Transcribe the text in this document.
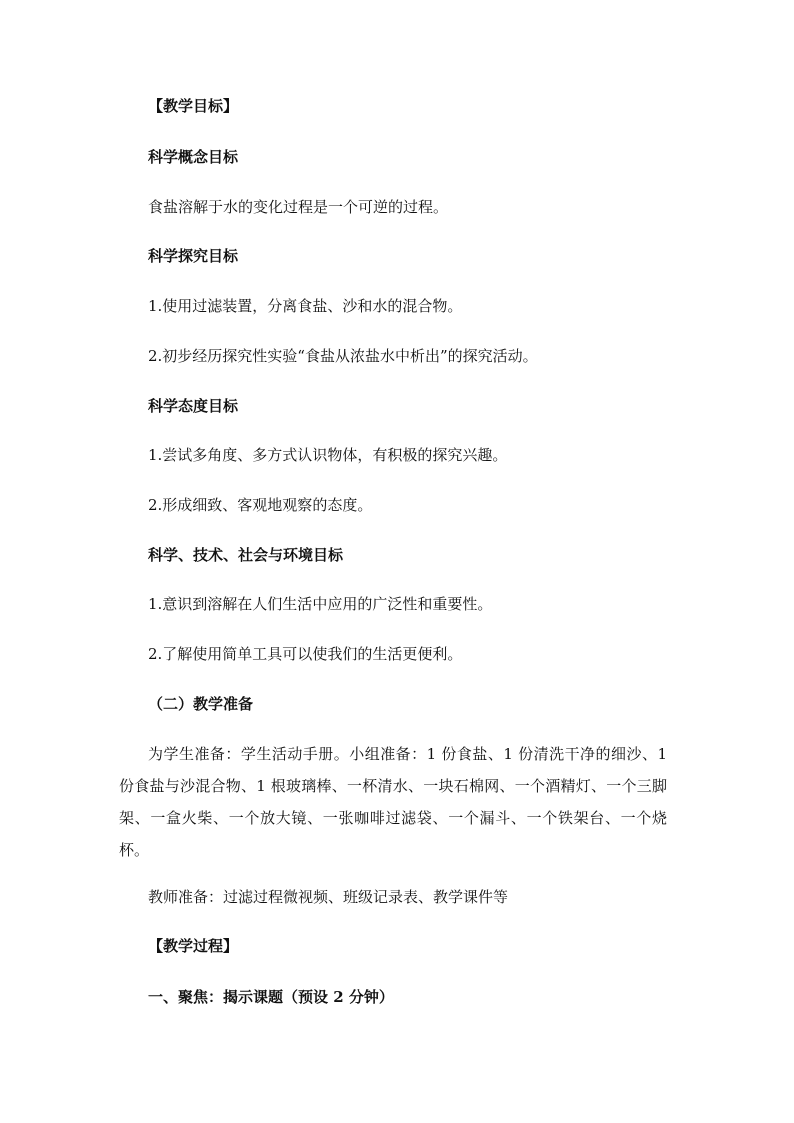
【教学目标】
科学概念目标
食盐溶解于水的变化过程是一个可逆的过程。
科学探究目标
1.使用过滤装置，分离食盐、沙和水的混合物。
2.初步经历探究性实验“食盐从浓盐水中析出”的探究活动。
科学态度目标
1.尝试多角度、多方式认识物体，有积极的探究兴趣。
2.形成细致、客观地观察的态度。
科学、技术、社会与环境目标
1.意识到溶解在人们生活中应用的广泛性和重要性。
2.了解使用简单工具可以使我们的生活更便利。
（二）教学准备
为学生准备：学生活动手册。小组准备：1 份食盐、1 份清洗干净的细沙、1 份食盐与沙混合物、1 根玻璃棒、一杯清水、一块石棉网、一个酒精灯、一个三脚架、一盒火柴、一个放大镜、一张咖啡过滤袋、一个漏斗、一个铁架台、一个烧杯。
教师准备：过滤过程微视频、班级记录表、教学课件等
【教学过程】
一、聚焦：揭示课题（预设 2 分钟）
